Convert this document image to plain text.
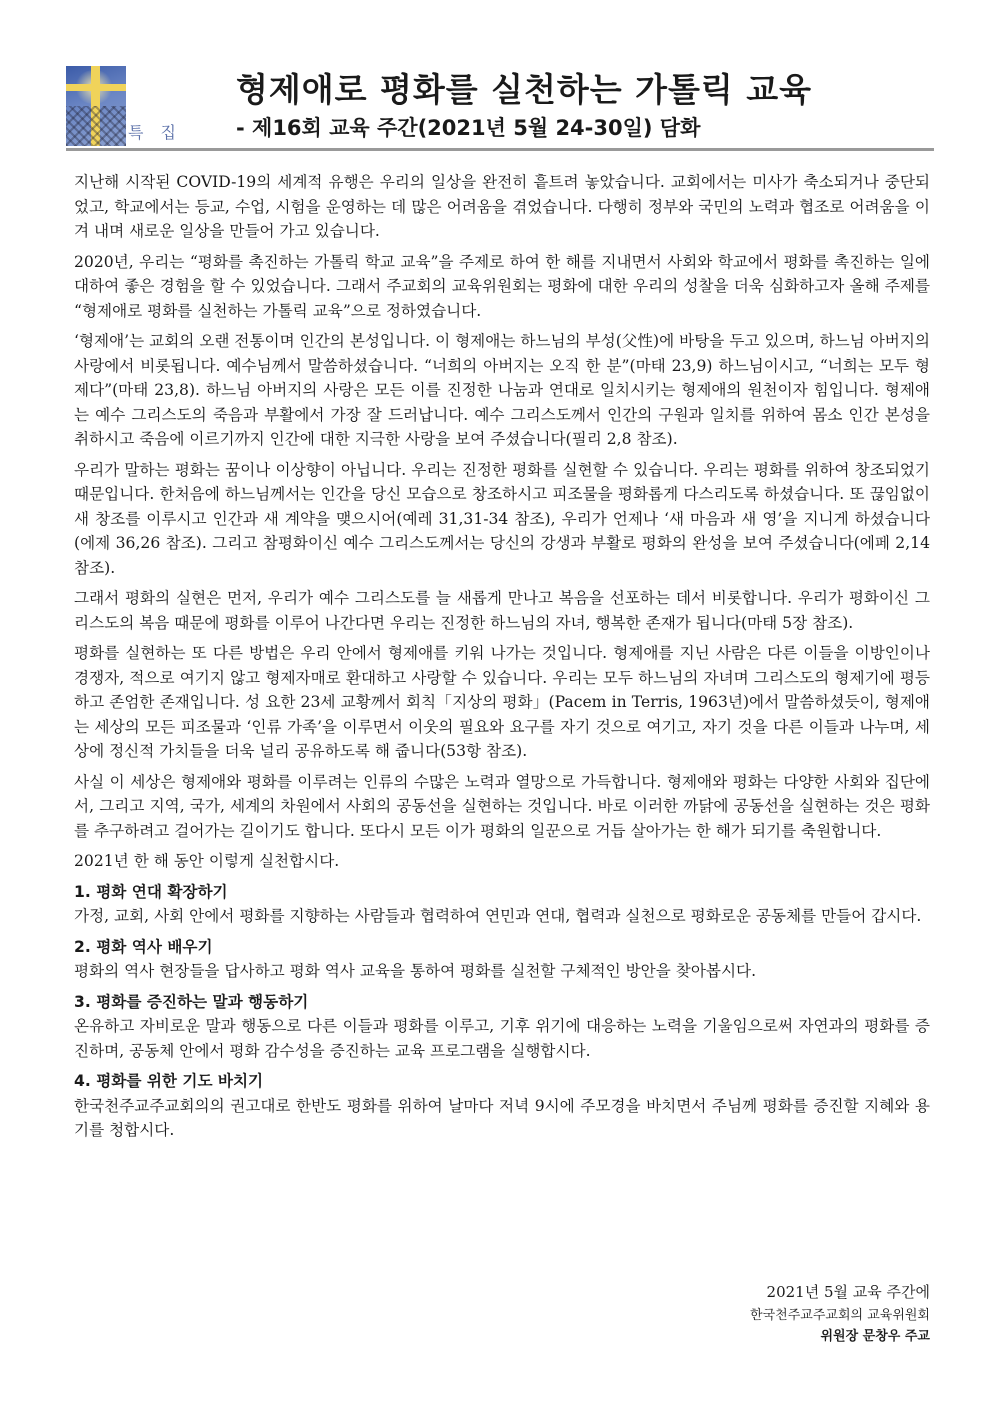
특 집
형제애로 평화를 실천하는 가톨릭 교육
- 제16회 교육 주간(2021년 5월 24-30일) 담화

지난해 시작된 COVID-19의 세계적 유행은 우리의 일상을 완전히 흩트려 놓았습니다. 교회에서는 미사가 축소되거나 중단되었고, 학교에서는 등교, 수업, 시험을 운영하는 데 많은 어려움을 겪었습니다. 다행히 정부와 국민의 노력과 협조로 어려움을 이겨 내며 새로운 일상을 만들어 가고 있습니다.

2020년, 우리는 “평화를 촉진하는 가톨릭 학교 교육”을 주제로 하여 한 해를 지내면서 사회와 학교에서 평화를 촉진하는 일에 대하여 좋은 경험을 할 수 있었습니다. 그래서 주교회의 교육위원회는 평화에 대한 우리의 성찰을 더욱 심화하고자 올해 주제를 “형제애로 평화를 실천하는 가톨릭 교육”으로 정하였습니다.

‘형제애’는 교회의 오랜 전통이며 인간의 본성입니다. 이 형제애는 하느님의 부성(父性)에 바탕을 두고 있으며, 하느님 아버지의 사랑에서 비롯됩니다. 예수님께서 말씀하셨습니다. “너희의 아버지는 오직 한 분”(마태 23,9) 하느님이시고, “너희는 모두 형제다”(마태 23,8). 하느님 아버지의 사랑은 모든 이를 진정한 나눔과 연대로 일치시키는 형제애의 원천이자 힘입니다. 형제애는 예수 그리스도의 죽음과 부활에서 가장 잘 드러납니다. 예수 그리스도께서 인간의 구원과 일치를 위하여 몸소 인간 본성을 취하시고 죽음에 이르기까지 인간에 대한 지극한 사랑을 보여 주셨습니다(필리 2,8 참조).

우리가 말하는 평화는 꿈이나 이상향이 아닙니다. 우리는 진정한 평화를 실현할 수 있습니다. 우리는 평화를 위하여 창조되었기 때문입니다. 한처음에 하느님께서는 인간을 당신 모습으로 창조하시고 피조물을 평화롭게 다스리도록 하셨습니다. 또 끊임없이 새 창조를 이루시고 인간과 새 계약을 맺으시어(예레 31,31-34 참조), 우리가 언제나 ‘새 마음과 새 영’을 지니게 하셨습니다(에제 36,26 참조). 그리고 참평화이신 예수 그리스도께서는 당신의 강생과 부활로 평화의 완성을 보여 주셨습니다(에페 2,14 참조).

그래서 평화의 실현은 먼저, 우리가 예수 그리스도를 늘 새롭게 만나고 복음을 선포하는 데서 비롯합니다. 우리가 평화이신 그리스도의 복음 때문에 평화를 이루어 나간다면 우리는 진정한 하느님의 자녀, 행복한 존재가 됩니다(마태 5장 참조).

평화를 실현하는 또 다른 방법은 우리 안에서 형제애를 키워 나가는 것입니다. 형제애를 지닌 사람은 다른 이들을 이방인이나 경쟁자, 적으로 여기지 않고 형제자매로 환대하고 사랑할 수 있습니다. 우리는 모두 하느님의 자녀며 그리스도의 형제기에 평등하고 존엄한 존재입니다. 성 요한 23세 교황께서 회칙「지상의 평화」(Pacem in Terris, 1963년)에서 말씀하셨듯이, 형제애는 세상의 모든 피조물과 ‘인류 가족’을 이루면서 이웃의 필요와 요구를 자기 것으로 여기고, 자기 것을 다른 이들과 나누며, 세상에 정신적 가치들을 더욱 널리 공유하도록 해 줍니다(53항 참조).

사실 이 세상은 형제애와 평화를 이루려는 인류의 수많은 노력과 열망으로 가득합니다. 형제애와 평화는 다양한 사회와 집단에서, 그리고 지역, 국가, 세계의 차원에서 사회의 공동선을 실현하는 것입니다. 바로 이러한 까닭에 공동선을 실현하는 것은 평화를 추구하려고 걸어가는 길이기도 합니다. 또다시 모든 이가 평화의 일꾼으로 거듭 살아가는 한 해가 되기를 축원합니다.

2021년 한 해 동안 이렇게 실천합시다.

1. 평화 연대 확장하기

가정, 교회, 사회 안에서 평화를 지향하는 사람들과 협력하여 연민과 연대, 협력과 실천으로 평화로운 공동체를 만들어 갑시다.

2. 평화 역사 배우기

평화의 역사 현장들을 답사하고 평화 역사 교육을 통하여 평화를 실천할 구체적인 방안을 찾아봅시다.

3. 평화를 증진하는 말과 행동하기

온유하고 자비로운 말과 행동으로 다른 이들과 평화를 이루고, 기후 위기에 대응하는 노력을 기울임으로써 자연과의 평화를 증진하며, 공동체 안에서 평화 감수성을 증진하는 교육 프로그램을 실행합시다.

4. 평화를 위한 기도 바치기

한국천주교주교회의의 권고대로 한반도 평화를 위하여 날마다 저녁 9시에 주모경을 바치면서 주님께 평화를 증진할 지혜와 용기를 청합시다.

2021년 5월 교육 주간에
한국천주교주교회의 교육위원회
위원장 문창우 주교
